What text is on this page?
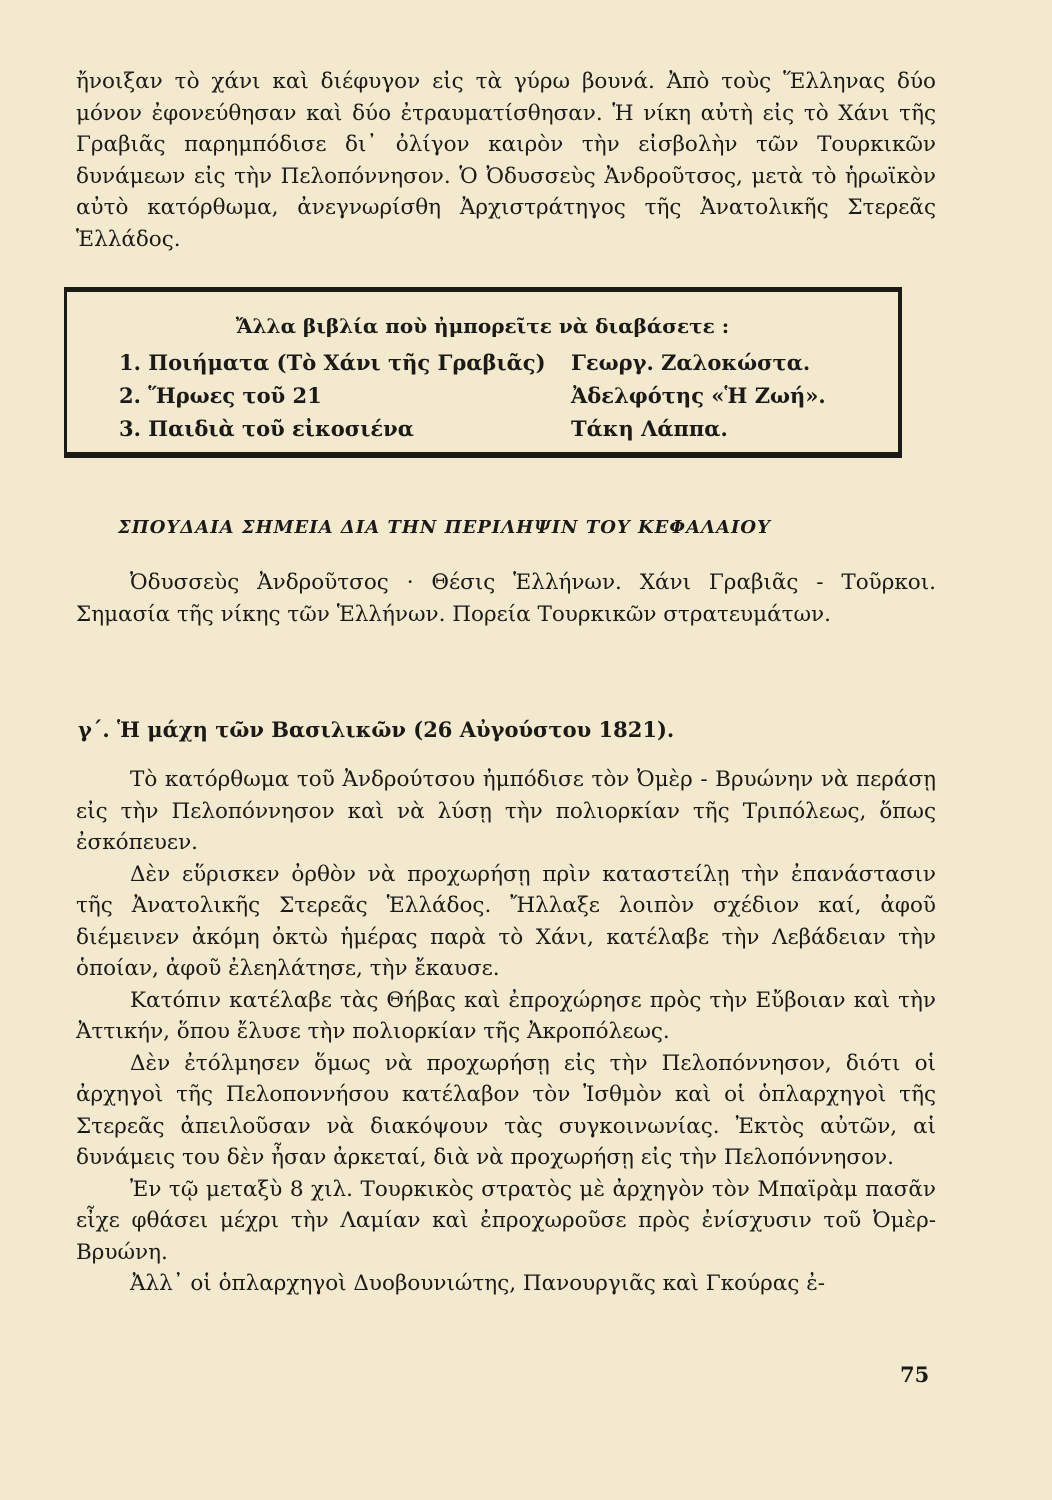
ἤνοιξαν τὸ χάνι καὶ διέφυγον εἰς τὰ γύρω βουνά. Ἀπὸ τοὺς Ἕλληνας δύο μόνον ἐφονεύθησαν καὶ δύο ἐτραυματίσθησαν. Ἡ νίκη αὐτὴ εἰς τὸ Χάνι τῆς Γραβιᾶς παρημπόδισε δι᾽ ὀλίγον καιρὸν τὴν εἰσβολὴν τῶν Τουρκικῶν δυνάμεων εἰς τὴν Πελοπόννησον. Ὁ Ὀδυσσεὺς Ἀνδροῦτσος, μετὰ τὸ ἡρωϊκὸν αὐτὸ κατόρθωμα, ἀνεγνωρίσθη Ἀρχιστράτηγος τῆς Ἀνατολικῆς Στερεᾶς Ἑλλάδος.

Ἄλλα βιβλία ποὺ ἠμπορεῖτε νὰ διαβάσετε :

1. Ποιήματα (Τὸ Χάνι τῆς Γραβιᾶς) Γεωργ. Ζαλοκώστα.
2. Ἥρωες τοῦ 21	Ἀδελφότης «Ἡ Ζωή».
3. Παιδιὰ τοῦ εἰκοσιένα	Τάκη Λάππα.

ΣΠΟΥΔΑΙΑ ΣΗΜΕΙΑ ΔΙΑ ΤΗΝ ΠΕΡΙΛΗΨΙΝ ΤΟΥ ΚΕΦΑΛΑΙΟΥ

Ὀδυσσεὺς Ἀνδροῦτσος · Θέσις Ἑλλήνων. Χάνι Γραβιᾶς - Τοῦρκοι. Σημασία τῆς νίκης τῶν Ἑλλήνων. Πορεία Τουρκικῶν στρατευμάτων.

γ΄. Ἡ μάχη τῶν Βασιλικῶν (26 Αὐγούστου 1821).

Τὸ κατόρθωμα τοῦ Ἀνδρούτσου ἠμπόδισε τὸν Ὀμὲρ - Βρυώνην νὰ περάσῃ εἰς τὴν Πελοπόννησον καὶ νὰ λύσῃ τὴν πολιορκίαν τῆς Τριπόλεως, ὅπως ἐσκόπευεν.

Δὲν εὕρισκεν ὀρθὸν νὰ προχωρήσῃ πρὶν καταστείλῃ τὴν ἐπανάστασιν τῆς Ἀνατολικῆς Στερεᾶς Ἑλλάδος. Ἤλλαξε λοιπὸν σχέδιον καί, ἀφοῦ διέμεινεν ἀκόμη ὀκτὼ ἡμέρας παρὰ τὸ Χάνι, κατέλαβε τὴν Λεβάδειαν τὴν ὁποίαν, ἀφοῦ ἐλεηλάτησε, τὴν ἔκαυσε.

Κατόπιν κατέλαβε τὰς Θήβας καὶ ἐπροχώρησε πρὸς τὴν Εὔβοιαν καὶ τὴν Ἀττικήν, ὅπου ἔλυσε τὴν πολιορκίαν τῆς Ἀκροπόλεως.

Δὲν ἐτόλμησεν ὅμως νὰ προχωρήσῃ εἰς τὴν Πελοπόννησον, διότι οἱ ἀρχηγοὶ τῆς Πελοποννήσου κατέλαβον τὸν Ἰσθμὸν καὶ οἱ ὁπλαρχηγοὶ τῆς Στερεᾶς ἀπειλοῦσαν νὰ διακόψουν τὰς συγκοινωνίας. Ἐκτὸς αὐτῶν, αἱ δυνάμεις του δὲν ἦσαν ἀρκεταί, διὰ νὰ προχωρήσῃ εἰς τὴν Πελοπόννησον.

Ἐν τῷ μεταξὺ 8 χιλ. Τουρκικὸς στρατὸς μὲ ἀρχηγὸν τὸν Μπαϊρὰμ πασᾶν εἶχε φθάσει μέχρι τὴν Λαμίαν καὶ ἐπροχωροῦσε πρὸς ἐνίσχυσιν τοῦ Ὀμὲρ-Βρυώνη.

Ἀλλ᾽ οἱ ὁπλαρχηγοὶ Δυοβουνιώτης, Πανουργιᾶς καὶ Γκούρας ἐ-

75
